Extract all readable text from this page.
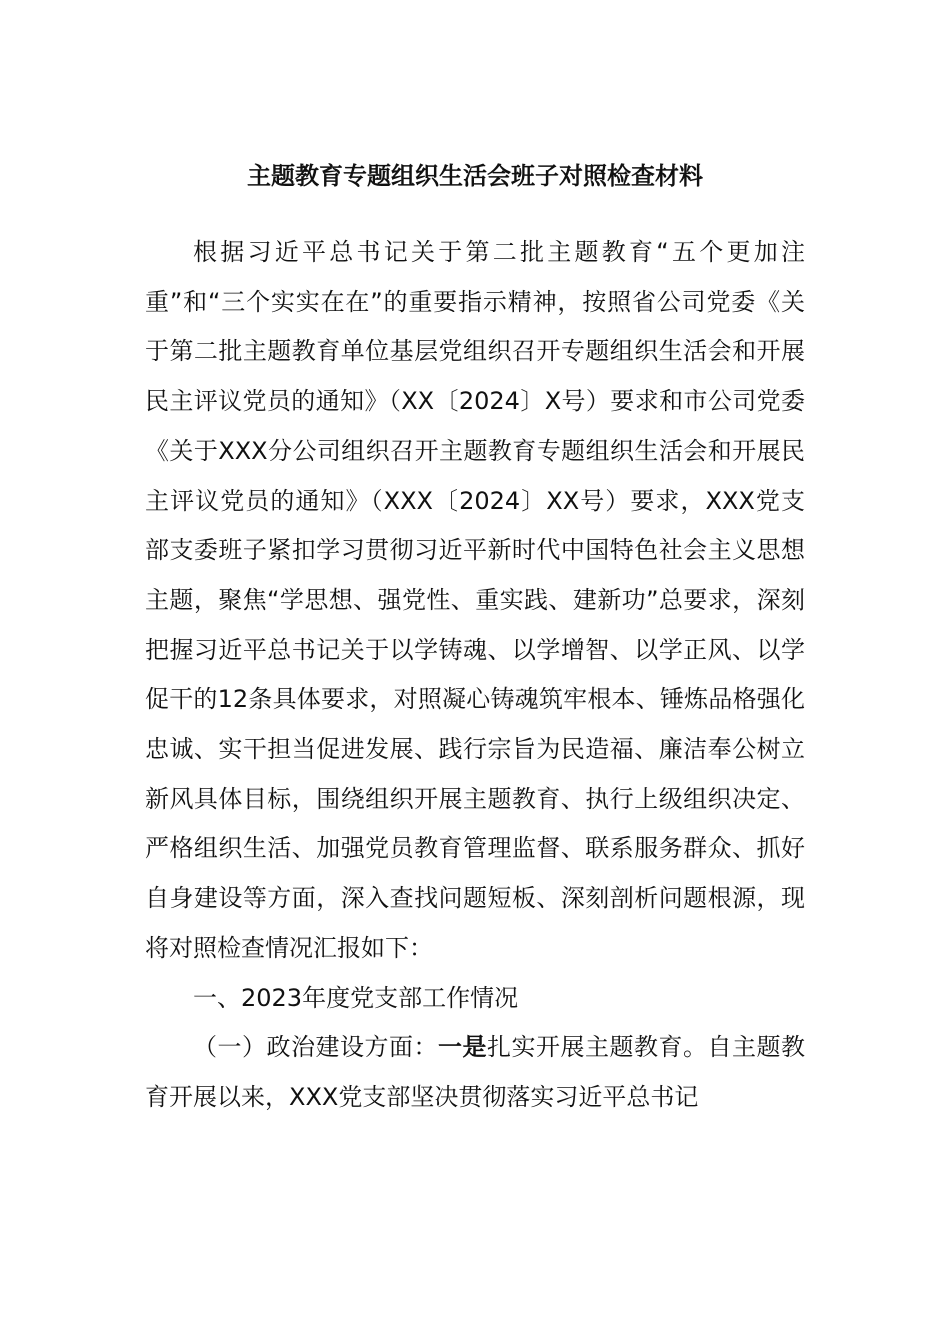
主题教育专题组织生活会班子对照检查材料

根据习近平总书记关于第二批主题教育“五个更加注重”和“三个实实在在”的重要指示精神，按照省公司党委《关于第二批主题教育单位基层党组织召开专题组织生活会和开展民主评议党员的通知》（XX〔2024〕X号）要求和市公司党委《关于XXX分公司组织召开主题教育专题组织生活会和开展民主评议党员的通知》（XXX〔2024〕XX号）要求，XXX党支部支委班子紧扣学习贯彻习近平新时代中国特色社会主义思想主题，聚焦“学思想、强党性、重实践、建新功”总要求，深刻把握习近平总书记关于以学铸魂、以学增智、以学正风、以学促干的12条具体要求，对照凝心铸魂筑牢根本、锤炼品格强化忠诚、实干担当促进发展、践行宗旨为民造福、廉洁奉公树立新风具体目标，围绕组织开展主题教育、执行上级组织决定、严格组织生活、加强党员教育管理监督、联系服务群众、抓好自身建设等方面，深入查找问题短板、深刻剖析问题根源，现将对照检查情况汇报如下：

一、2023年度党支部工作情况

（一）政治建设方面：一是扎实开展主题教育。自主题教育开展以来，XXX党支部坚决贯彻落实习近平总书记
